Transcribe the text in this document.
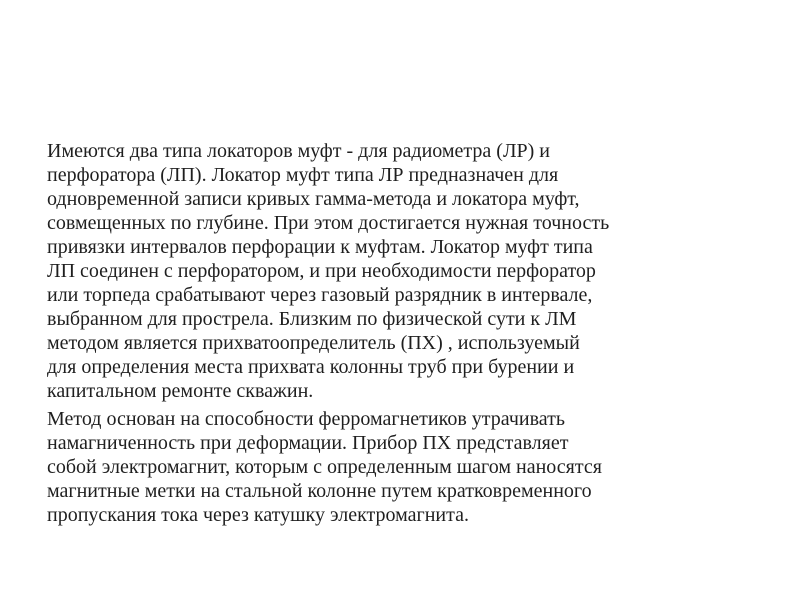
Имеются два типа локаторов муфт - для радиометра (ЛР) и
перфоратора (ЛП). Локатор муфт типа ЛР предназначен для
одновременной записи кривых гамма-метода и локатора муфт,
совмещенных по глубине. При этом достигается нужная точность
привязки интервалов перфорации к муфтам. Локатор муфт типа
ЛП соединен с перфоратором, и при необходимости перфоратор
или торпеда срабатывают через газовый разрядник в интервале,
выбранном для прострела. Близким по физической сути к ЛМ
методом является прихватоопределитель (ПХ) , используемый
для определения места прихвата колонны труб при бурении и
капитальном ремонте скважин.

Метод основан на способности ферромагнетиков утрачивать
намагниченность при деформации. Прибор ПХ представляет
собой электромагнит, которым с определенным шагом наносятся
магнитные метки на стальной колонне путем кратковременного
пропускания тока через катушку электромагнита.
